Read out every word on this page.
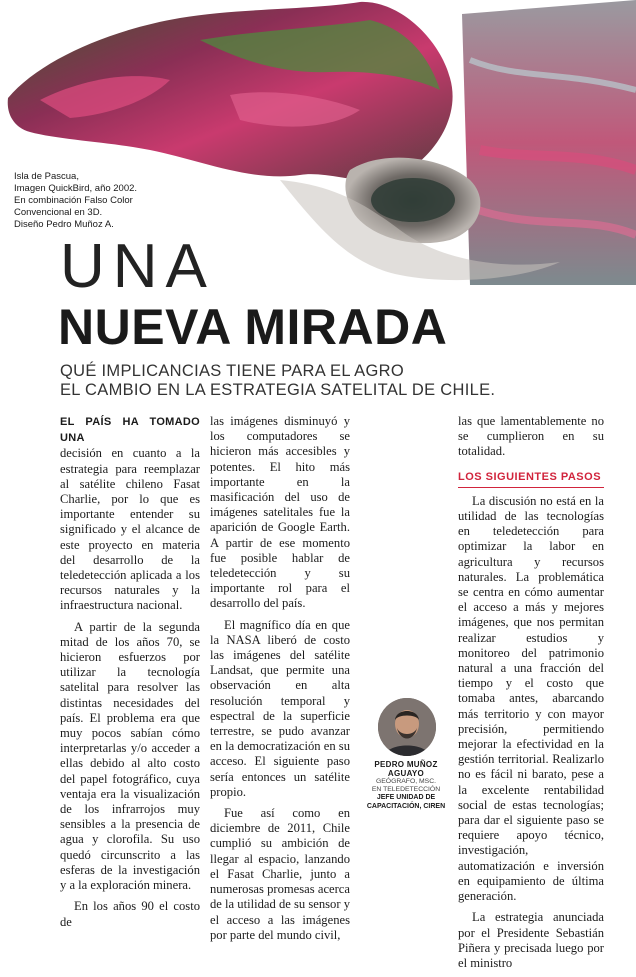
Isla de Pascua,
Imagen QuickBird, año 2002.
En combinación Falso Color
Convencional en 3D.
Diseño Pedro Muñoz A.
UNA
NUEVA MIRADA
QUÉ IMPLICANCIAS TIENE PARA EL AGRO
EL CAMBIO EN LA ESTRATEGIA SATELITAL DE CHILE.

EL PAÍS HA TOMADO UNA
decisión en cuanto a la estrategia para reemplazar al satélite chileno Fasat Charlie, por lo que es importante entender su significado y el alcance de este proyecto en materia del desarrollo de la teledetección aplicada a los recursos naturales y la infraestructura nacional.

A partir de la segunda mitad de los años 70, se hicieron esfuerzos por utilizar la tecnología satelital para resolver las distintas necesidades del país. El problema era que muy pocos sabían cómo interpretarlas y/o acceder a ellas debido al alto costo del papel fotográfico, cuya ventaja era la visualización de los infrarrojos muy sensibles a la presencia de agua y clorofila. Su uso quedó circunscrito a las esferas de la investigación y a la exploración minera.

En los años 90 el costo de

las imágenes disminuyó y los computadores se hicieron más accesibles y potentes. El hito más importante en la masificación del uso de imágenes satelitales fue la aparición de Google Earth. A partir de ese momento fue posible hablar de teledetección y su importante rol para el desarrollo del país.

El magnífico día en que la NASA liberó de costo las imágenes del satélite Landsat, que permite una observación en alta resolución temporal y espectral de la superficie terrestre, se pudo avanzar en la democratización en su acceso. El siguiente paso sería entonces un satélite propio.

Fue así como en diciembre de 2011, Chile cumplió su ambición de llegar al espacio, lanzando el Fasat Charlie, junto a numerosas promesas acerca de la utilidad de su sensor y el acceso a las imágenes por parte del mundo civil,

las que lamentablemente no se cumplieron en su totalidad.

LOS SIGUIENTES PASOS

La discusión no está en la utilidad de las tecnologías en teledetección para optimizar la labor en agricultura y recursos naturales. La problemática se centra en cómo aumentar el acceso a más y mejores imágenes, que nos permitan realizar estudios y monitoreo del patrimonio natural a una fracción del tiempo y el costo que tomaba antes, abarcando más territorio y con mayor precisión, permitiendo mejorar la efectividad en la gestión territorial. Realizarlo no es fácil ni barato, pese a la excelente rentabilidad social de estas tecnologías; para dar el siguiente paso se requiere apoyo técnico, investigación, automatización e inversión en equipamiento de última generación.

La estrategia anunciada por el Presidente Sebastián Piñera y precisada luego por el ministro

PEDRO MUÑOZ AGUAYO
GEÓGRAFO, MSC.
EN TELEDETECCIÓN
JEFE UNIDAD DE
CAPACITACIÓN, CIREN
